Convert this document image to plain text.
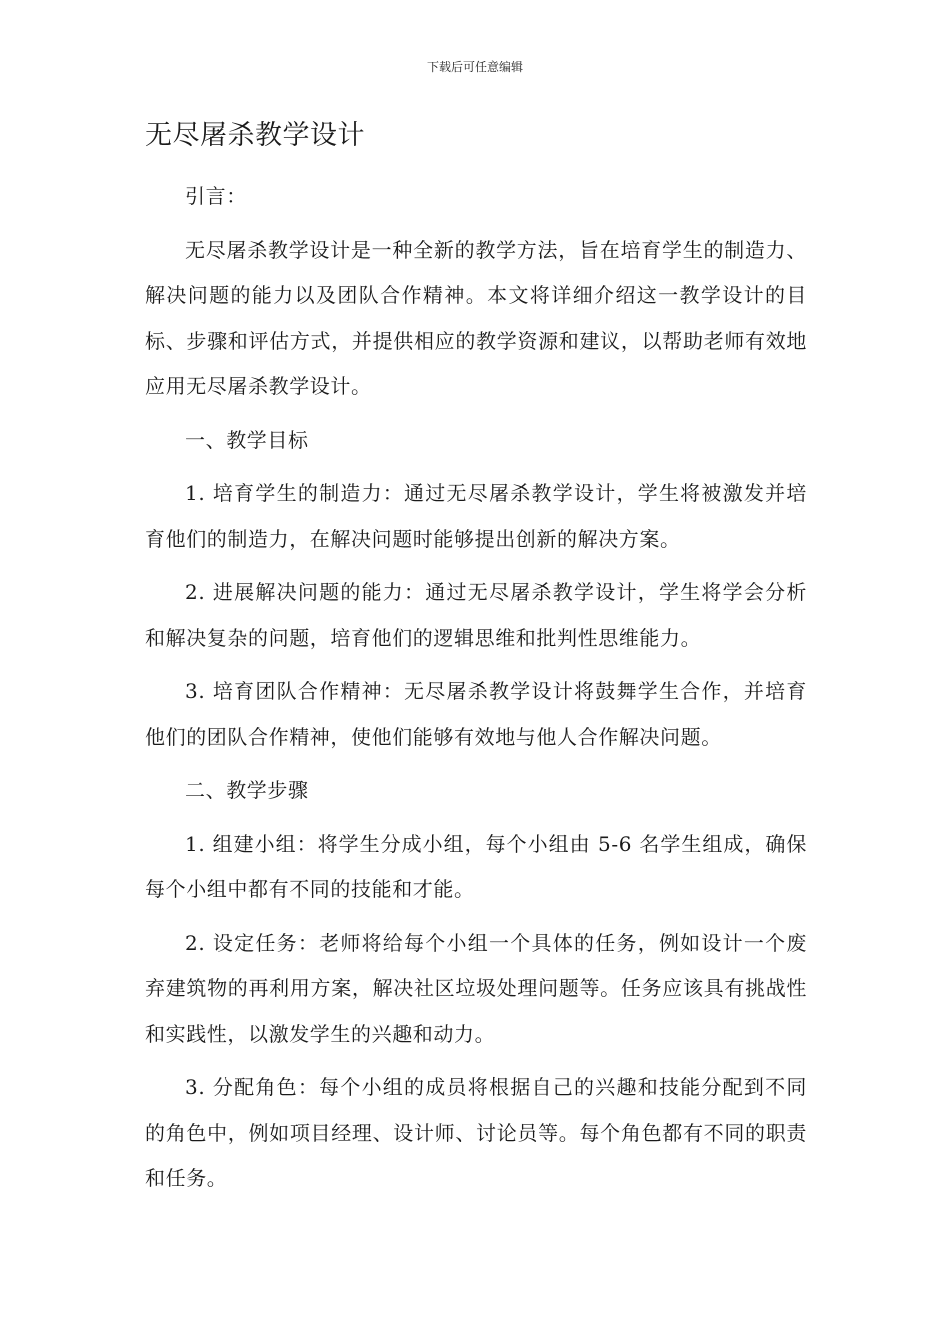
下载后可任意编辑
无尽屠杀教学设计

引言：

无尽屠杀教学设计是一种全新的教学方法，旨在培育学生的制造力、解决问题的能力以及团队合作精神。本文将详细介绍这一教学设计的目标、步骤和评估方式，并提供相应的教学资源和建议，以帮助老师有效地应用无尽屠杀教学设计。

一、教学目标

1. 培育学生的制造力：通过无尽屠杀教学设计，学生将被激发并培育他们的制造力，在解决问题时能够提出创新的解决方案。

2. 进展解决问题的能力：通过无尽屠杀教学设计，学生将学会分析和解决复杂的问题，培育他们的逻辑思维和批判性思维能力。

3. 培育团队合作精神：无尽屠杀教学设计将鼓舞学生合作，并培育他们的团队合作精神，使他们能够有效地与他人合作解决问题。

二、教学步骤

1. 组建小组：将学生分成小组，每个小组由 5-6 名学生组成，确保每个小组中都有不同的技能和才能。

2. 设定任务：老师将给每个小组一个具体的任务，例如设计一个废弃建筑物的再利用方案，解决社区垃圾处理问题等。任务应该具有挑战性和实践性，以激发学生的兴趣和动力。

3. 分配角色：每个小组的成员将根据自己的兴趣和技能分配到不同的角色中，例如项目经理、设计师、讨论员等。每个角色都有不同的职责和任务。
